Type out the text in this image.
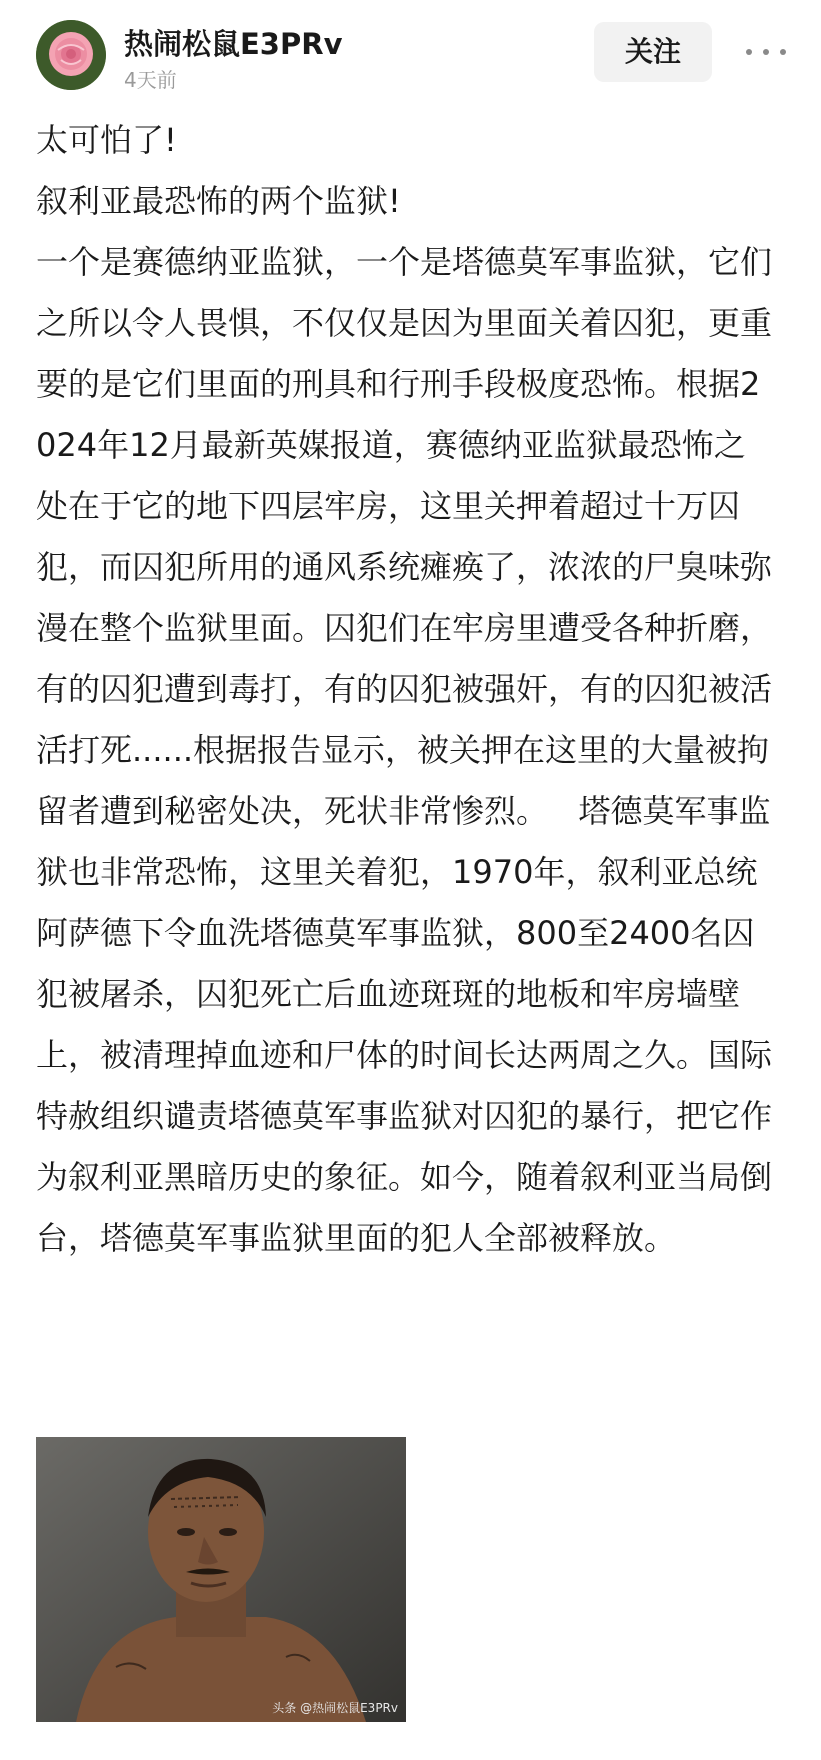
热闹松鼠E3PRv
4天前
关注

太可怕了!

叙利亚最恐怖的两个监狱!

一个是赛德纳亚监狱，一个是塔德莫军事监狱，它们之所以令人畏惧，不仅仅是因为里面关着囚犯，更重要的是它们里面的刑具和行刑手段极度恐怖。根据2024年12月最新英媒报道，赛德纳亚监狱最恐怖之处在于它的地下四层牢房，这里关押着超过十万囚犯，而囚犯所用的通风系统瘫痪了，浓浓的尸臭味弥漫在整个监狱里面。囚犯们在牢房里遭受各种折磨，有的囚犯遭到毒打，有的囚犯被强奸，有的囚犯被活活打死......根据报告显示，被关押在这里的大量被拘留者遭到秘密处决，死状非常惨烈。   塔德莫军事监狱也非常恐怖，这里关着犯，1970年，叙利亚总统阿萨德下令血洗塔德莫军事监狱，800至2400名囚犯被屠杀，囚犯死亡后血迹斑斑的地板和牢房墙壁上，被清理掉血迹和尸体的时间长达两周之久。国际特赦组织谴责塔德莫军事监狱对囚犯的暴行，把它作为叙利亚黑暗历史的象征。如今，随着叙利亚当局倒台，塔德莫军事监狱里面的犯人全部被释放。

头条 @热闹松鼠E3PRv
